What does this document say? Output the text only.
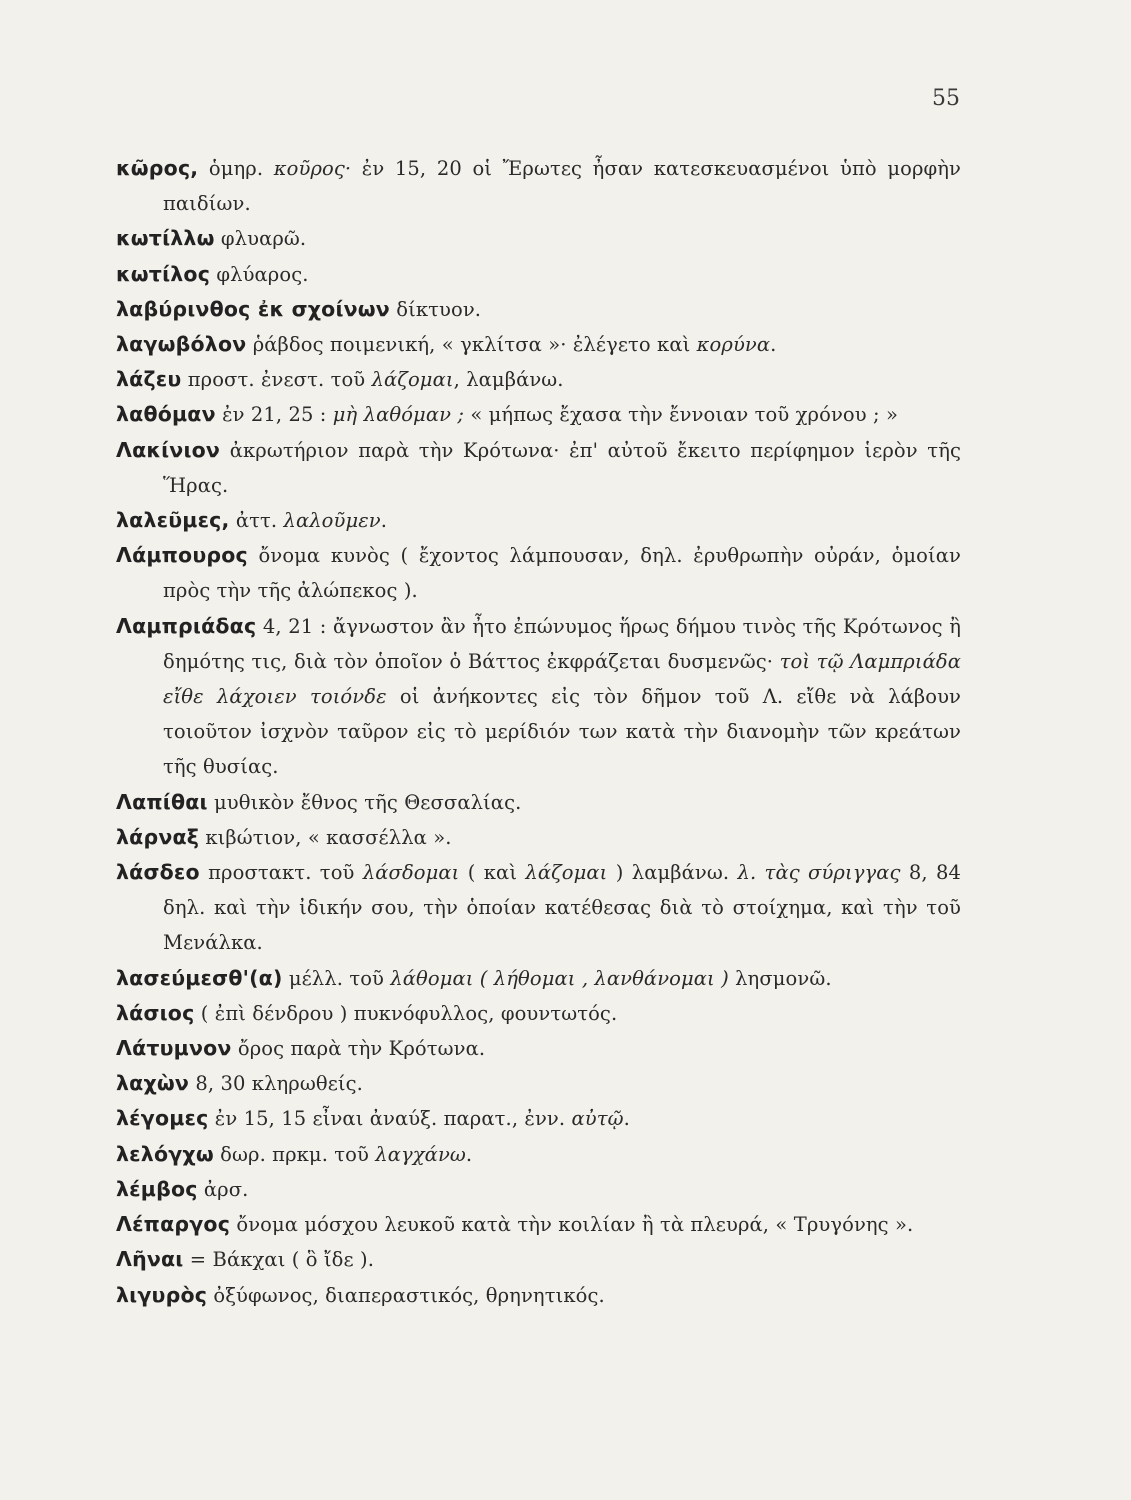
55
κῶρος, ὁμηρ. κοῦρος· ἐν 15, 20 οἱ Ἔρωτες ἦσαν κατεσκευασμένοι ὑπὸ μορφὴν παιδίων.
κωτίλλω φλυαρῶ.
κωτίλος φλύαρος.
λαβύρινθος ἐκ σχοίνων δίκτυον.
λαγωβόλον ῥάβδος ποιμενική, « γκλίτσα »· ἐλέγετο καὶ κορύνα.
λάζευ προστ. ἐνεστ. τοῦ λάζομαι, λαμβάνω.
λαθόμαν ἐν 21, 25 : μὴ λαθόμαν ; « μήπως ἔχασα τὴν ἔννοιαν τοῦ χρόνου ; »
Λακίνιον ἀκρωτήριον παρὰ τὴν Κρότωνα· ἐπ' αὐτοῦ ἔκειτο περίφημον ἱερὸν τῆς Ἥρας.
λαλεῦμες, ἀττ. λαλοῦμεν.
Λάμπουρος ὄνομα κυνὸς ( ἔχοντος λάμπουσαν, δηλ. ἐρυθρωπὴν οὐράν, ὁμοίαν πρὸς τὴν τῆς ἀλώπεκος ).
Λαμπριάδας 4, 21 : ἄγνωστον ἂν ἦτο ἐπώνυμος ἥρως δήμου τινὸς τῆς Κρότωνος ἢ δημότης τις, διὰ τὸν ὁποῖον ὁ Βάττος ἐκφράζεται δυσμενῶς· τοὶ τῷ Λαμπριάδα εἴθε λάχοιεν τοιόνδε οἱ ἀνήκοντες εἰς τὸν δῆμον τοῦ Λ. εἴθε νὰ λάβουν τοιοῦτον ἰσχνὸν ταῦρον εἰς τὸ μερίδιόν των κατὰ τὴν διανομὴν τῶν κρεάτων τῆς θυσίας.
Λαπίθαι μυθικὸν ἔθνος τῆς Θεσσαλίας.
λάρναξ κιβώτιον, « κασσέλλα ».
λάσδεο προστακτ. τοῦ λάσδομαι ( καὶ λάζομαι ) λαμβάνω. λ. τὰς σύριγγας 8, 84 δηλ. καὶ τὴν ἰδικήν σου, τὴν ὁποίαν κατέθεσας διὰ τὸ στοίχημα, καὶ τὴν τοῦ Μενάλκα.
λασεύμεσθ'(α) μέλλ. τοῦ λάθομαι ( λήθομαι , λανθάνομαι ) λησμονῶ.
λάσιος ( ἐπὶ δένδρου ) πυκνόφυλλος, φουντωτός.
Λάτυμνον ὄρος παρὰ τὴν Κρότωνα.
λαχὼν 8, 30 κληρωθείς.
λέγομες ἐν 15, 15 εἶναι ἀναύξ. παρατ., ἐνν. αὐτῷ.
λελόγχω δωρ. πρκμ. τοῦ λαγχάνω.
λέμβος ἀρσ.
Λέπαργος ὄνομα μόσχου λευκοῦ κατὰ τὴν κοιλίαν ἢ τὰ πλευρά, « Τρυγόνης ».
Λῆναι = Βάκχαι ( ὃ ἴδε ).
λιγυρὸς ὀξύφωνος, διαπεραστικός, θρηνητικός.
